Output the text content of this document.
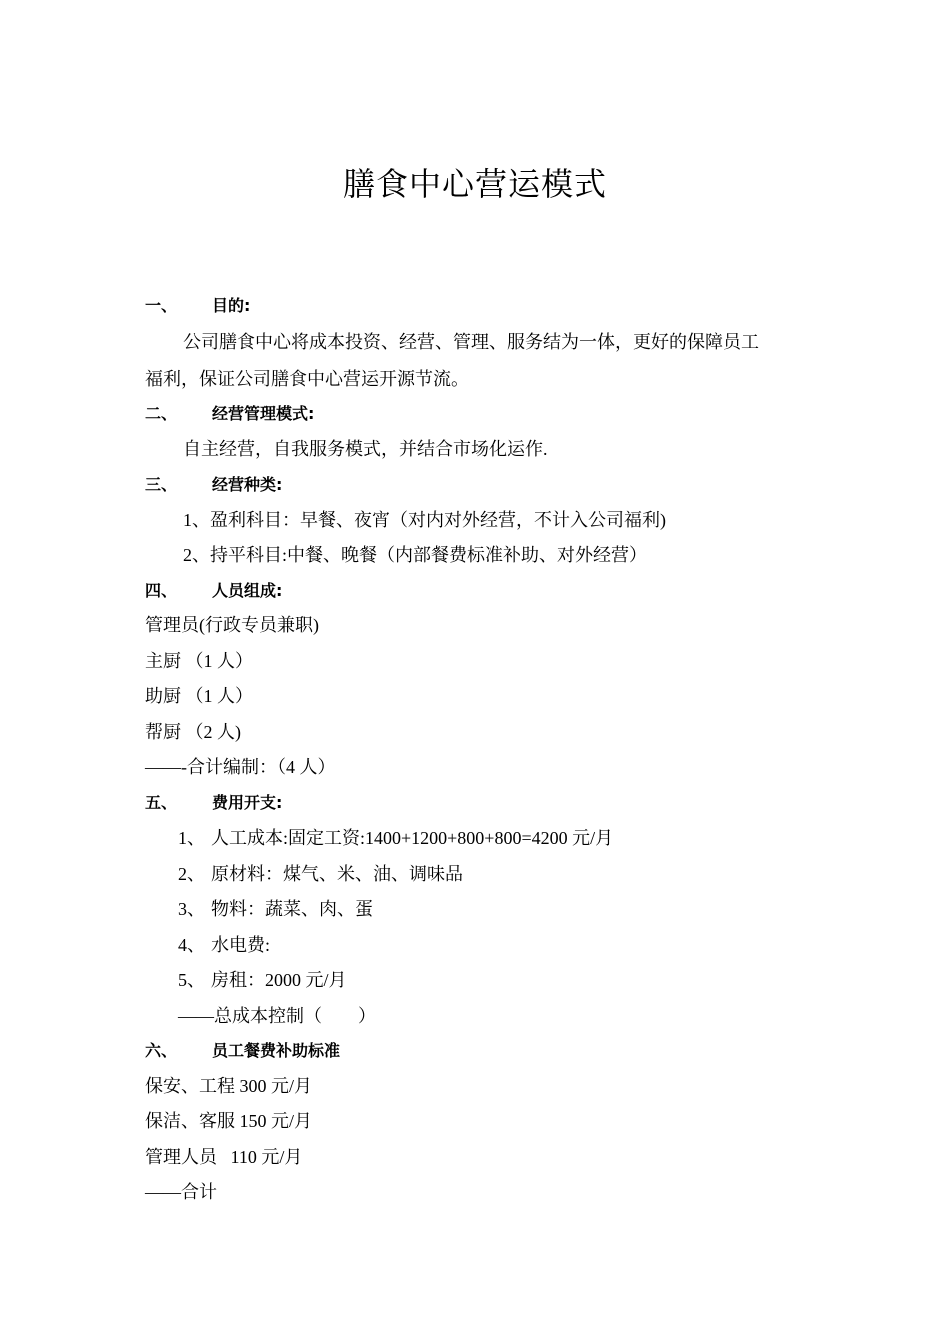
膳食中心营运模式
一、 目的:
公司膳食中心将成本投资、经营、管理、服务结为一体，更好的保障员工
福利，保证公司膳食中心营运开源节流。
二、 经营管理模式:
自主经营，自我服务模式，并结合市场化运作.
三、 经营种类:
1、盈利科目：早餐、夜宵（对内对外经营，不计入公司福利)
2、持平科目:中餐、晚餐（内部餐费标准补助、对外经营）
四、 人员组成:
管理员(行政专员兼职)
主厨 （1 人）
助厨 （1 人）
帮厨 （2 人)
——-合计编制：（4 人）
五、 费用开支:
1、 人工成本:固定工资:1400+1200+800+800=4200 元/月
2、 原材料：煤气、米、油、调味品
3、 物料：蔬菜、肉、蛋
4、 水电费:
5、 房租：2000 元/月
——总成本控制（        ）
六、 员工餐费补助标准
保安、工程 300 元/月
保洁、客服 150 元/月
管理人员   110 元/月
——合计
